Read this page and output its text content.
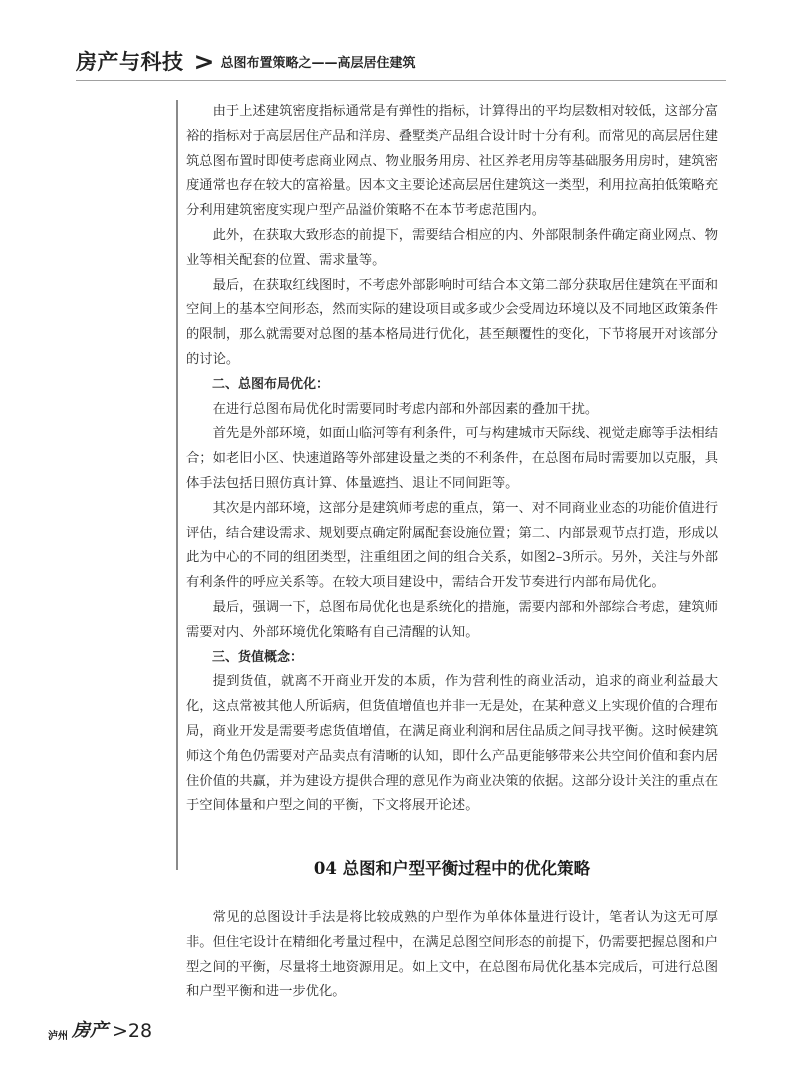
房产与科技 > 总图布置策略之——高层居住建筑

由于上述建筑密度指标通常是有弹性的指标，计算得出的平均层数相对较低，这部分富裕的指标对于高层居住产品和洋房、叠墅类产品组合设计时十分有利。而常见的高层居住建筑总图布置时即使考虑商业网点、物业服务用房、社区养老用房等基础服务用房时，建筑密度通常也存在较大的富裕量。因本文主要论述高层居住建筑这一类型，利用拉高拍低策略充分利用建筑密度实现户型产品溢价策略不在本节考虑范围内。

此外，在获取大致形态的前提下，需要结合相应的内、外部限制条件确定商业网点、物业等相关配套的位置、需求量等。

最后，在获取红线图时，不考虑外部影响时可结合本文第二部分获取居住建筑在平面和空间上的基本空间形态，然而实际的建设项目或多或少会受周边环境以及不同地区政策条件的限制，那么就需要对总图的基本格局进行优化，甚至颠覆性的变化，下节将展开对该部分的讨论。

二、总图布局优化：

在进行总图布局优化时需要同时考虑内部和外部因素的叠加干扰。

首先是外部环境，如面山临河等有利条件，可与构建城市天际线、视觉走廊等手法相结合；如老旧小区、快速道路等外部建设量之类的不利条件，在总图布局时需要加以克服，具体手法包括日照仿真计算、体量遮挡、退让不同间距等。

其次是内部环境，这部分是建筑师考虑的重点，第一、对不同商业业态的功能价值进行评估，结合建设需求、规划要点确定附属配套设施位置；第二、内部景观节点打造，形成以此为中心的不同的组团类型，注重组团之间的组合关系，如图2–3所示。另外，关注与外部有利条件的呼应关系等。在较大项目建设中，需结合开发节奏进行内部布局优化。

最后，强调一下，总图布局优化也是系统化的措施，需要内部和外部综合考虑，建筑师需要对内、外部环境优化策略有自己清醒的认知。

三、货值概念：

提到货值，就离不开商业开发的本质，作为营利性的商业活动，追求的商业利益最大化，这点常被其他人所诟病，但货值增值也并非一无是处，在某种意义上实现价值的合理布局，商业开发是需要考虑货值增值，在满足商业利润和居住品质之间寻找平衡。这时候建筑师这个角色仍需要对产品卖点有清晰的认知，即什么产品更能够带来公共空间价值和套内居住价值的共赢，并为建设方提供合理的意见作为商业决策的依据。这部分设计关注的重点在于空间体量和户型之间的平衡，下文将展开论述。

04 总图和户型平衡过程中的优化策略

常见的总图设计手法是将比较成熟的户型作为单体体量进行设计，笔者认为这无可厚非。但住宅设计在精细化考量过程中，在满足总图空间形态的前提下，仍需要把握总图和户型之间的平衡，尽量将土地资源用足。如上文中，在总图布局优化基本完成后，可进行总图和户型平衡和进一步优化。

泸州 房产 >28
